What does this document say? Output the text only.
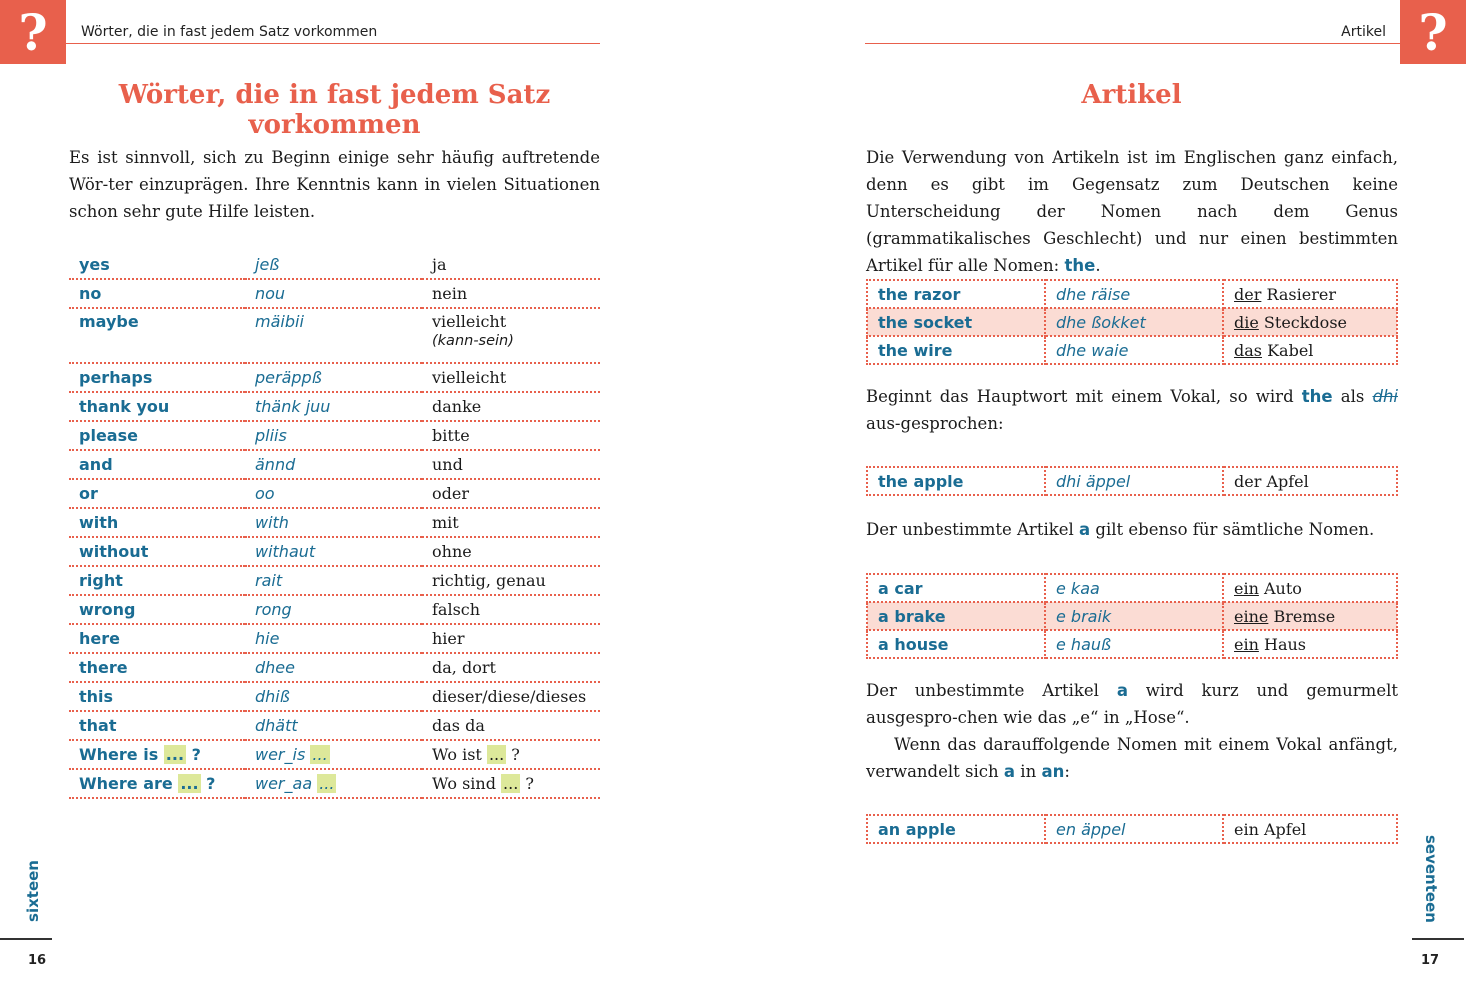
?	Wörter, die in fast jedem Satz vorkommen
Wörter, die in fast jedem Satz vorkommen

Es ist sinnvoll, sich zu Beginn einige sehr häufig auftretende Wör-ter einzuprägen. Ihre Kenntnis kann in vielen Situationen schon sehr gute Hilfe leisten.

yes	jeß	ja
no	nou	nein
maybe	mäibii	vielleicht
(kann-sein)

perhaps	peräppß	vielleicht
thank you	thänk juu	danke
please	pliis	bitte
and	ännd	und
or	oo	oder
with	with	mit
without	withaut	ohne
right	rait	richtig, genau
wrong	rong	falsch
here	hie	hier
there	dhee	da, dort
this	dhiß	dieser/diese/dieses
that	dhätt	das da
Where is ... ?	wer_is ...	Wo ist ... ?
Where are ... ?	wer_aa ...	Wo sind ... ?
sixteen
16
?
Artikel
Artikel

Die Verwendung von Artikeln ist im Englischen ganz einfach, denn es gibt im Gegensatz zum Deutschen keine Unterscheidung der Nomen nach dem Genus (grammatikalisches Geschlecht) und nur einen bestimmten Artikel für alle Nomen: the.

the razor	dhe räise	der Rasierer
the socket	dhe ßokket	die Steckdose
the wire	dhe waie	das Kabel

Beginnt das Hauptwort mit einem Vokal, so wird the als dhi aus-gesprochen:

the apple	dhi äppel	der Apfel

Der unbestimmte Artikel a gilt ebenso für sämtliche Nomen.

a car	e kaa	ein Auto
a brake	e braik	eine Bremse
a house	e hauß	ein Haus

Der unbestimmte Artikel a wird kurz und gemurmelt ausgespro-chen wie das „e“ in „Hose“.

Wenn das darauffolgende Nomen mit einem Vokal anfängt, verwandelt sich a in an:

an apple	en äppel	ein Apfel
seventeen
17
